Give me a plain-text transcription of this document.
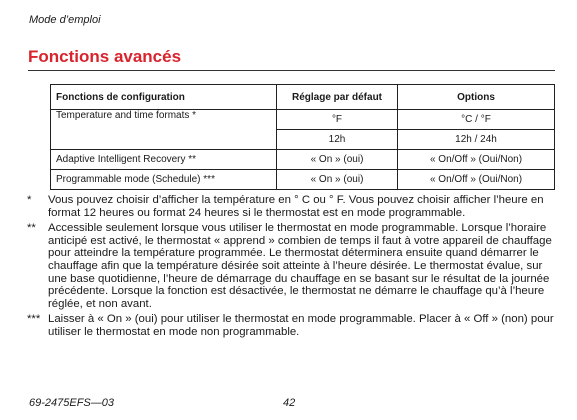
Mode d’emploi
Fonctions avancés
Fonctions de configuration	Réglage par défaut	Options
Temperature and time formats *	°F	°C / °F
	12h	12h / 24h
Adaptive Intelligent Recovery **	« On » (oui)	« On/Off » (Oui/Non)
Programmable mode (Schedule) ***	« On » (oui)	« On/Off » (Oui/Non)
*	Vous pouvez choisir d’afficher la température en ° C ou ° F. Vous pouvez choisir afficher l’heure en format 12 heures ou format 24 heures si le thermostat est en mode programmable.
**	Accessible seulement lorsque vous utiliser le thermostat en mode programmable. Lorsque l’horaire anticipé est activé, le thermostat « apprend » combien de temps il faut à votre appareil de chauffage pour atteindre la température programmée. Le thermostat déterminera ensuite quand démarrer le chauffage afin que la température désirée soit atteinte à l’heure désirée. Le thermostat évalue, sur une base quotidienne, l’heure de démarrage du chauffage en se basant sur le résultat de la journée précédente. Lorsque la fonction est désactivée, le thermostat ne démarre le chauffage qu’à l’heure réglée, et non avant.
*** Laisser à « On » (oui) pour utiliser le thermostat en mode programmable. Placer à « Off » (non) pour utiliser le thermostat en mode non programmable.
69-2475EFS—03	42
